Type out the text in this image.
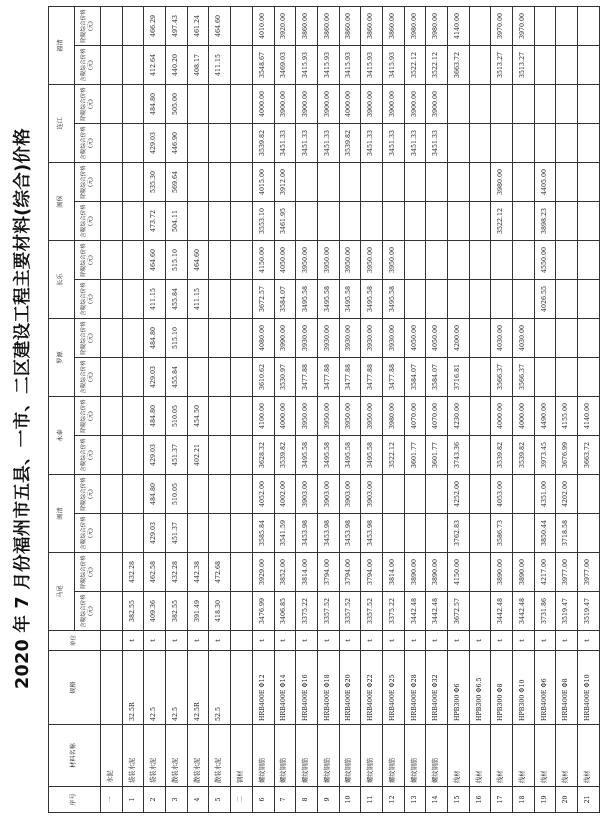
2020 年 7 月份福州市五县、一市、二区建设工程主要材料(综合)价格
序号	材料名称	规格	单位	马尾		闽清		永泰		罗源		长乐		闽侯		连江		福清	
				含税综合价格(元)	除税综合价格(元)	含税综合价格(元)	除税综合价格(元)	含税综合价格(元)	除税综合价格(元)	含税综合价格(元)	除税综合价格(元)	含税综合价格(元)	除税综合价格(元)	含税综合价格(元)	除税综合价格(元)	含税综合价格(元)	除税综合价格(元)	含税综合价格(元)	除税综合价格(元)
一	水泥																		
1	袋装水泥	32.5R	t	382.55	432.28														
2	袋装水泥	42.5	t	409.36	462.58	429.03	484.80	429.03	484.80	429.03	484.80	411.15	464.60	473.72	535.30	429.03	484.80	412.64	466.29
3	散装水泥	42.5	t	382.55	432.28	451.37	510.05	451.37	510.05	455.84	515.10	455.84	515.10	504.11	569.64	446.90	505.00	440.20	497.43
4	散装水泥	42.5R	t	391.49	442.38			402.21	454.50			411.15	464.60					408.17	461.24
5	散装水泥	52.5	t	418.30	472.68													411.15	464.60
二	钢材																		
6	螺纹钢筋	HRB400E Φ12	t	3476.99	3929.00	3585.84	4052.00	3628.32	4100.00	3610.62	4080.00	3672.57	4150.00	3553.10	4015.00	3539.82	4000.00	3548.67	4010.00
7	螺纹钢筋	HRB400E Φ14	t	3406.85	3852.00	3541.59	4002.00	3539.82	4000.00	3530.97	3990.00	3584.07	4050.00	3461.95	3912.00	3451.33	3900.00	3469.03	3920.00
8	螺纹钢筋	HRB400E Φ16	t	3375.22	3814.00	3453.98	3903.00	3495.58	3950.00	3477.88	3930.00	3495.58	3950.00			3451.33	3900.00	3415.93	3860.00
9	螺纹钢筋	HRB400E Φ18	t	3357.52	3794.00	3453.98	3903.00	3495.58	3950.00	3477.88	3930.00	3495.58	3950.00			3451.33	3900.00	3415.93	3860.00
10	螺纹钢筋	HRB400E Φ20	t	3357.52	3794.00	3453.98	3903.00	3495.58	3950.00	3477.88	3930.00	3495.58	3950.00			3539.82	4000.00	3415.93	3860.00
11	螺纹钢筋	HRB400E Φ22	t	3357.52	3794.00	3453.98	3903.00	3495.58	3950.00	3477.88	3930.00	3495.58	3950.00			3451.33	3900.00	3415.93	3860.00
12	螺纹钢筋	HRB400E Φ25	t	3375.22	3814.00			3522.12	3980.00	3477.88	3930.00	3495.58	3950.00			3451.33	3900.00	3415.93	3860.00
13	螺纹钢筋	HRB400E Φ28	t	3442.48	3890.00			3601.77	4070.00	3584.07	4050.00					3451.33	3900.00	3522.12	3980.00
14	螺纹钢筋	HRB400E Φ32	t	3442.48	3890.00			3601.77	4070.00	3584.07	4050.00					3451.33	3900.00	3522.12	3980.00
15	线材	HPB300 Φ6	t	3672.57	4150.00	3762.83	4252.00	3743.36	4230.00	3716.81	4200.00							3663.72	4140.00
16	线材	HPB300 Φ6.5	t																
17	线材	HPB300 Φ8	t	3442.48	3890.00	3586.73	4053.00	3539.82	4000.00	3566.37	4030.00			3522.12	3980.00			3513.27	3970.00
18	线材	HPB300 Φ10	t	3442.48	3890.00			3539.82	4000.00	3566.37	4030.00							3513.27	3970.00
19	线材	HRB400E Φ6	t	3731.86	4217.00	3850.44	4351.00	3973.45	4490.00			4026.55	4550.00	3898.23	4405.00				
20	线材	HRB400E Φ8	t	3519.47	3977.00	3718.58	4202.00	3676.99	4155.00										
21	线材	HRB400E Φ10	t	3519.47	3977.00			3663.72	4140.00										
